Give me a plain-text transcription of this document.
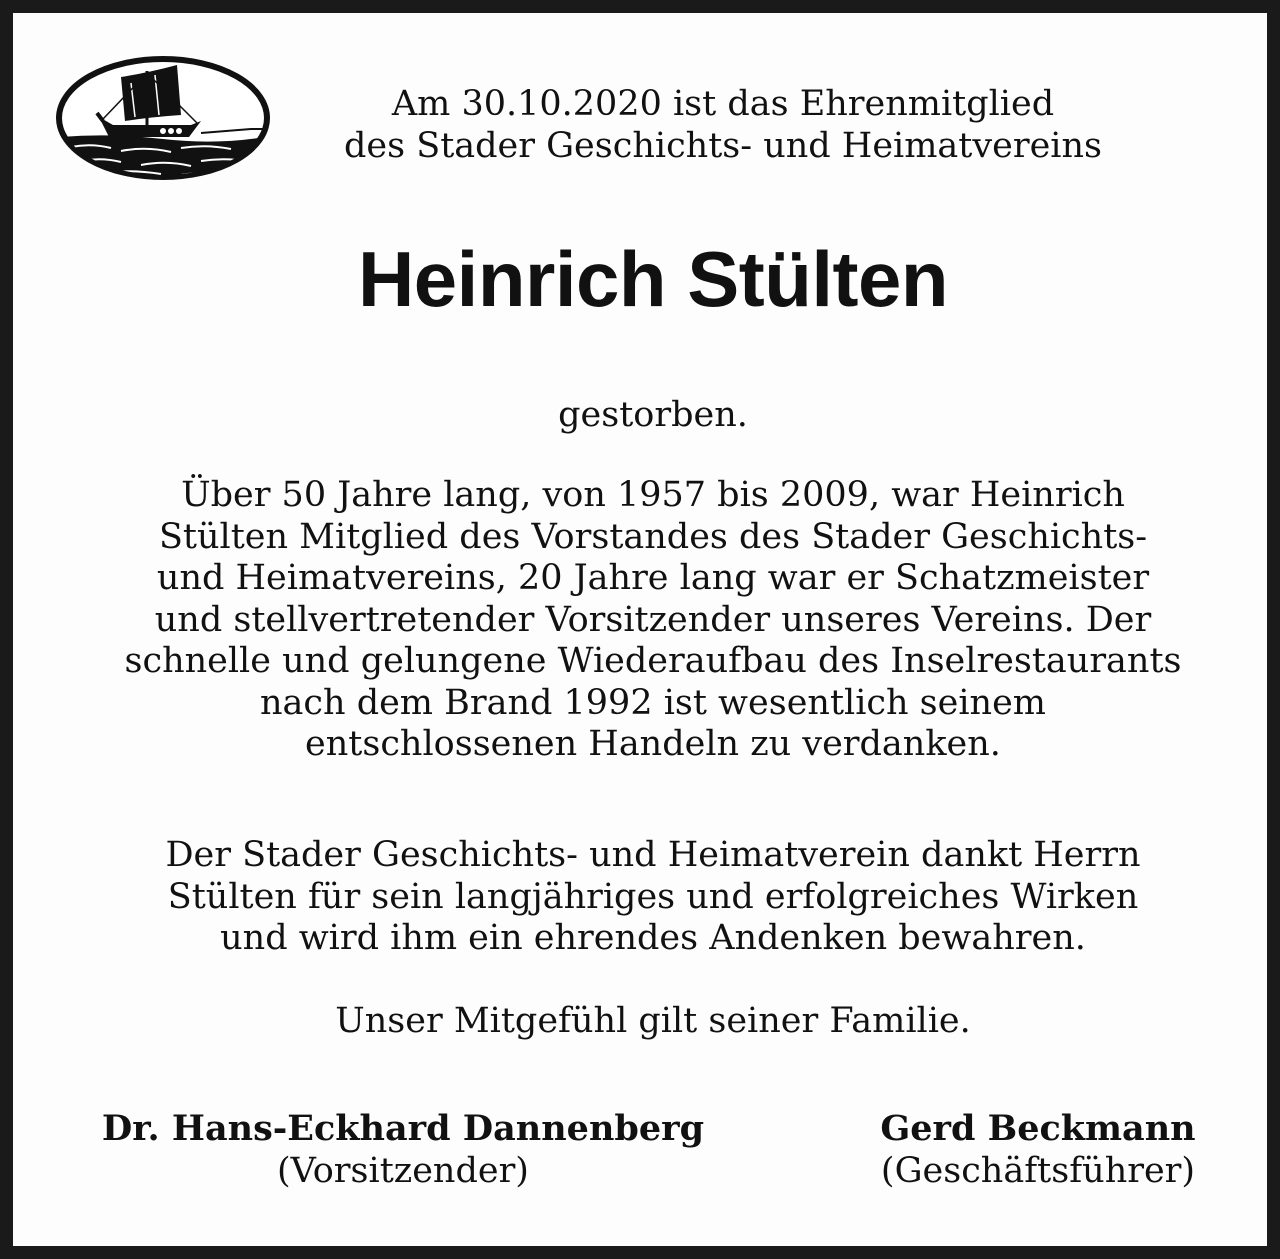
Am 30.10.2020 ist das Ehrenmitglied
des Stader Geschichts- und Heimatvereins
Heinrich Stülten
gestorben.
Über 50 Jahre lang, von 1957 bis 2009, war Heinrich
Stülten Mitglied des Vorstandes des Stader Geschichts-
und Heimatvereins, 20 Jahre lang war er Schatzmeister
und stellvertretender Vorsitzender unseres Vereins. Der
schnelle und gelungene Wiederaufbau des Inselrestaurants
nach dem Brand 1992 ist wesentlich seinem
entschlossenen Handeln zu verdanken.
Der Stader Geschichts- und Heimatverein dankt Herrn
Stülten für sein langjähriges und erfolgreiches Wirken
und wird ihm ein ehrendes Andenken bewahren.
Unser Mitgefühl gilt seiner Familie.
Dr. Hans-Eckhard Dannenberg
(Vorsitzender)
Gerd Beckmann
(Geschäftsführer)
